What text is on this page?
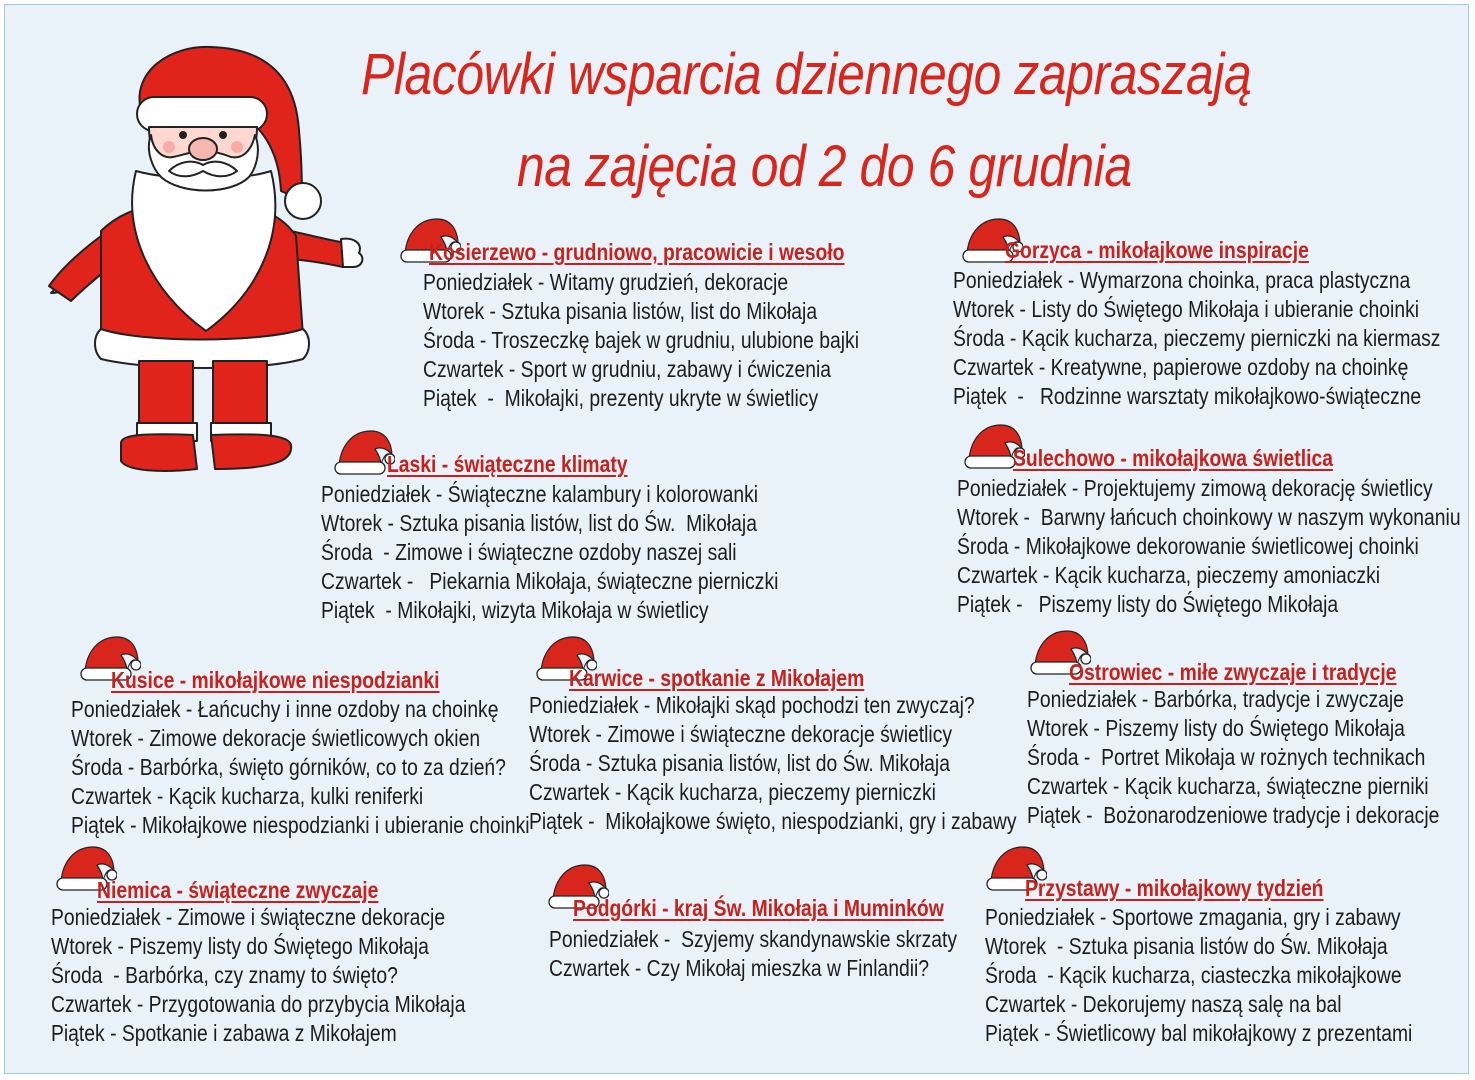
Placówki wsparcia dziennego zapraszają
na zajęcia od 2 do 6 grudnia
Kosierzewo - grudniowo, pracowicie i wesoło
Poniedziałek - Witamy grudzień, dekoracje
Wtorek - Sztuka pisania listów, list do Mikołaja
Środa - Troszeczkę bajek w grudniu, ulubione bajki
Czwartek - Sport w grudniu, zabawy i ćwiczenia
Piątek  -  Mikołajki, prezenty ukryte w świetlicy
Gorzyca - mikołajkowe inspiracje
Poniedziałek - Wymarzona choinka, praca plastyczna
Wtorek - Listy do Świętego Mikołaja i ubieranie choinki
Środa - Kącik kucharza, pieczemy pierniczki na kiermasz
Czwartek - Kreatywne, papierowe ozdoby na choinkę
Piątek  -   Rodzinne warsztaty mikołajkowo-świąteczne
Laski - świąteczne klimaty
Poniedziałek - Świąteczne kalambury i kolorowanki
Wtorek - Sztuka pisania listów, list do Św.  Mikołaja
Środa  - Zimowe i świąteczne ozdoby naszej sali
Czwartek -   Piekarnia Mikołaja, świąteczne pierniczki
Piątek  - Mikołajki, wizyta Mikołaja w świetlicy
Sulechowo - mikołajkowa świetlica
Poniedziałek - Projektujemy zimową dekorację świetlicy
Wtorek -  Barwny łańcuch choinkowy w naszym wykonaniu
Środa - Mikołajkowe dekorowanie świetlicowej choinki
Czwartek - Kącik kucharza, pieczemy amoniaczki
Piątek -   Piszemy listy do Świętego Mikołaja
Kusice - mikołajkowe niespodzianki
Poniedziałek - Łańcuchy i inne ozdoby na choinkę
Wtorek - Zimowe dekoracje świetlicowych okien
Środa - Barbórka, święto górników, co to za dzień?
Czwartek - Kącik kucharza, kulki reniferki
Piątek - Mikołajkowe niespodzianki i ubieranie choinki
Karwice - spotkanie z Mikołajem
Poniedziałek - Mikołajki skąd pochodzi ten zwyczaj?
Wtorek - Zimowe i świąteczne dekoracje świetlicy
Środa - Sztuka pisania listów, list do Św. Mikołaja
Czwartek - Kącik kucharza, pieczemy pierniczki
Piątek -  Mikołajkowe święto, niespodzianki, gry i zabawy
Ostrowiec - miłe zwyczaje i tradycje
Poniedziałek - Barbórka, tradycje i zwyczaje
Wtorek - Piszemy listy do Świętego Mikołaja
Środa -  Portret Mikołaja w rożnych technikach
Czwartek - Kącik kucharza, świąteczne pierniki
Piątek -  Bożonarodzeniowe tradycje i dekoracje
Niemica - świąteczne zwyczaje
Poniedziałek - Zimowe i świąteczne dekoracje
Wtorek - Piszemy listy do Świętego Mikołaja
Środa  - Barbórka, czy znamy to święto?
Czwartek - Przygotowania do przybycia Mikołaja
Piątek - Spotkanie i zabawa z Mikołajem
Podgórki - kraj Św. Mikołaja i Muminków
Poniedziałek -  Szyjemy skandynawskie skrzaty
Czwartek - Czy Mikołaj mieszka w Finlandii?
Przystawy - mikołajkowy tydzień
Poniedziałek - Sportowe zmagania, gry i zabawy
Wtorek  - Sztuka pisania listów do Św. Mikołaja
Środa  - Kącik kucharza, ciasteczka mikołajkowe
Czwartek - Dekorujemy naszą salę na bal
Piątek - Świetlicowy bal mikołajkowy z prezentami
